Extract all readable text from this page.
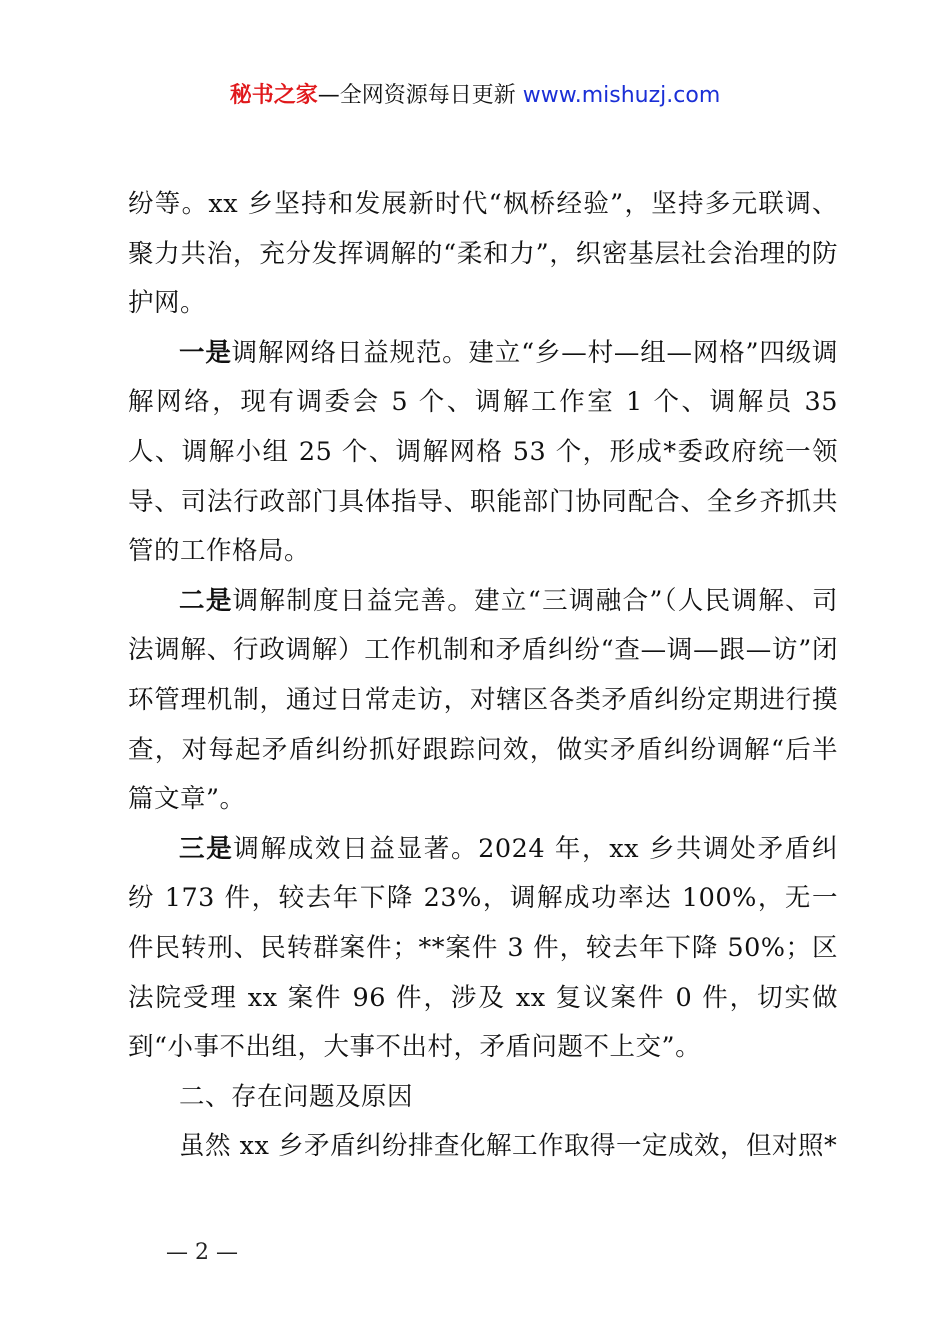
秘书之家—全网资源每日更新 www.mishuzj.com

纷等。xx 乡坚持和发展新时代“枫桥经验”，坚持多元联调、聚力共治，充分发挥调解的“柔和力”，织密基层社会治理的防护网。

一是调解网络日益规范。建立“乡—村—组—网格”四级调解网络，现有调委会 5 个、调解工作室 1 个、调解员 35 人、调解小组 25 个、调解网格 53 个，形成*委政府统一领导、司法行政部门具体指导、职能部门协同配合、全乡齐抓共管的工作格局。

二是调解制度日益完善。建立“三调融合”（人民调解、司法调解、行政调解）工作机制和矛盾纠纷“查—调—跟—访”闭环管理机制，通过日常走访，对辖区各类矛盾纠纷定期进行摸查，对每起矛盾纠纷抓好跟踪问效，做实矛盾纠纷调解“后半篇文章”。

三是调解成效日益显著。2024 年，xx 乡共调处矛盾纠纷 173 件，较去年下降 23%，调解成功率达 100%，无一件民转刑、民转群案件；**案件 3 件，较去年下降 50%；区法院受理 xx 案件 96 件，涉及 xx 复议案件 0 件，切实做到“小事不出组，大事不出村，矛盾问题不上交”。

二、存在问题及原因

虽然 xx 乡矛盾纠纷排查化解工作取得一定成效，但对照*

— 2 —
